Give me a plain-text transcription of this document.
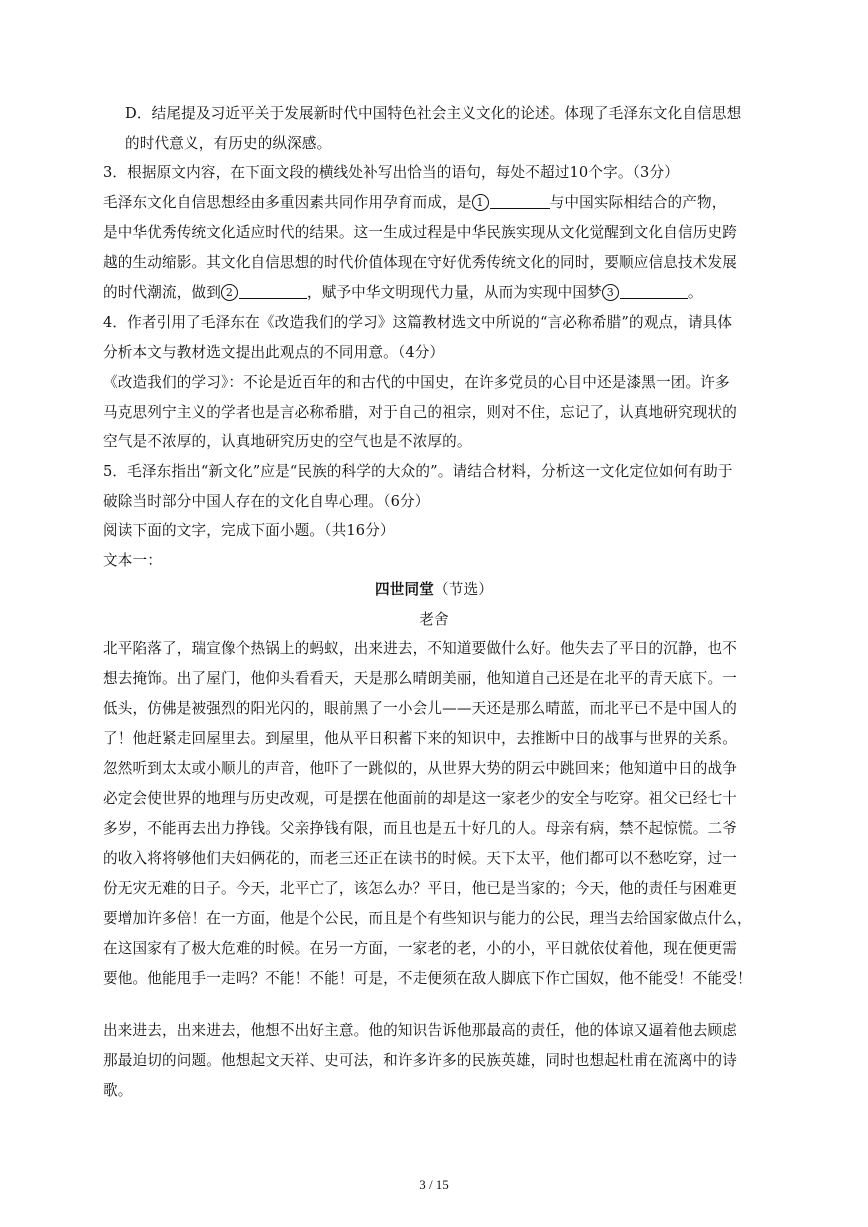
D．结尾提及习近平关于发展新时代中国特色社会主义文化的论述。体现了毛泽东文化自信思想
的时代意义，有历史的纵深感。
3．根据原文内容，在下面文段的横线处补写出恰当的语句，每处不超过10个字。（3分）
毛泽东文化自信思想经由多重因素共同作用孕育而成，是 1	与中国实际相结合的产物，
是中华优秀传统文化适应时代的结果。这一生成过程是中华民族实现从文化觉醒到文化自信历史跨
越的生动缩影。其文化自信思想的时代价值体现在守好优秀传统文化的同时，要顺应信息技术发展
的时代潮流，做到 2	，赋予中华文明现代力量，从而为实现中国梦 3	。
4．作者引用了毛泽东在《改造我们的学习》这篇教材选文中所说的“言必称希腊”的观点，请具体
分析本文与教材选文提出此观点的不同用意。（4分）
《改造我们的学习》：不论是近百年的和古代的中国史，在许多党员的心目中还是漆黑一团。许多
马克思列宁主义的学者也是言必称希腊，对于自己的祖宗，则对不住，忘记了，认真地研究现状的
空气是不浓厚的，认真地研究历史的空气也是不浓厚的。
5．毛泽东指出“新文化”应是“民族的科学的大众的”。请结合材料，分析这一文化定位如何有助于
破除当时部分中国人存在的文化自卑心理。（6分）
阅读下面的文字，完成下面小题。（共16分）
文本一：
四世同堂（节选）
老舍
北平陷落了，瑞宣像个热锅上的蚂蚁，出来进去，不知道要做什么好。他失去了平日的沉静，也不
想去掩饰。出了屋门，他仰头看看天，天是那么晴朗美丽，他知道自己还是在北平的青天底下。一
低头，仿佛是被强烈的阳光闪的，眼前黑了一小会儿——天还是那么晴蓝，而北平已不是中国人的
了！他赶紧走回屋里去。到屋里，他从平日积蓄下来的知识中，去推断中日的战事与世界的关系。
忽然听到太太或小顺儿的声音，他吓了一跳似的，从世界大势的阴云中跳回来；他知道中日的战争
必定会使世界的地理与历史改观，可是摆在他面前的却是这一家老少的安全与吃穿。祖父已经七十
多岁，不能再去出力挣钱。父亲挣钱有限，而且也是五十好几的人。母亲有病，禁不起惊慌。二爷
的收入将将够他们夫妇俩花的，而老三还正在读书的时候。天下太平，他们都可以不愁吃穿，过一
份无灾无难的日子。今天，北平亡了，该怎么办？平日，他已是当家的；今天，他的责任与困难更
要增加许多倍！在一方面，他是个公民，而且是个有些知识与能力的公民，理当去给国家做点什么，
在这国家有了极大危难的时候。在另一方面，一家老的老，小的小，平日就依仗着他，现在便更需
要他。他能甩手一走吗？不能！不能！可是，不走便须在敌人脚底下作亡国奴，他不能受！不能受！
出来进去，出来进去，他想不出好主意。他的知识告诉他那最高的责任，他的体谅又逼着他去顾虑
那最迫切的问题。他想起文天祥、史可法，和许多许多的民族英雄，同时也想起杜甫在流离中的诗
歌。
3 / 15
